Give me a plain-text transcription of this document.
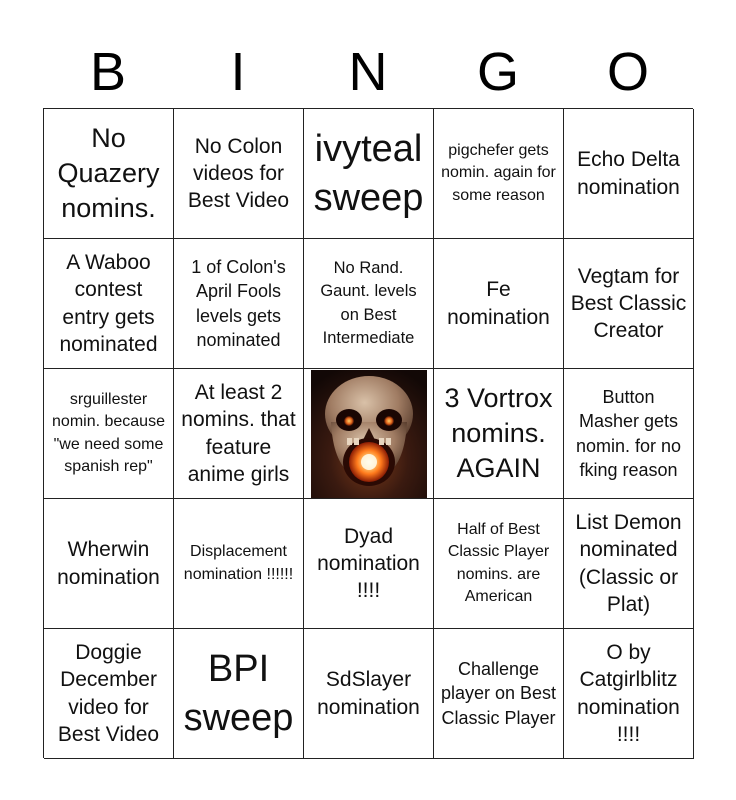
B	I	N	G	O
No Quazery nomins.
No Colon videos for Best Video
ivyteal sweep
pigchefer gets nomin. again for some reason
Echo Delta nomination
A Waboo contest entry gets nominated
1 of Colon's April Fools levels gets nominated
No Rand. Gaunt. levels on Best Intermediate
Fe nomination
Vegtam for Best Classic Creator
srguillester nomin. because "we need some spanish rep"
At least 2 nomins. that feature anime girls
3 Vortrox nomins. AGAIN
Button Masher gets nomin. for no fking reason
Wherwin nomination
Displacement nomination !!!!!!
Dyad nomination !!!!
Half of Best Classic Player nomins. are American
List Demon nominated (Classic or Plat)
Doggie December video for Best Video
BPI sweep
SdSlayer nomination
Challenge player on Best Classic Player
O by Catgirlblitz nomination !!!!
